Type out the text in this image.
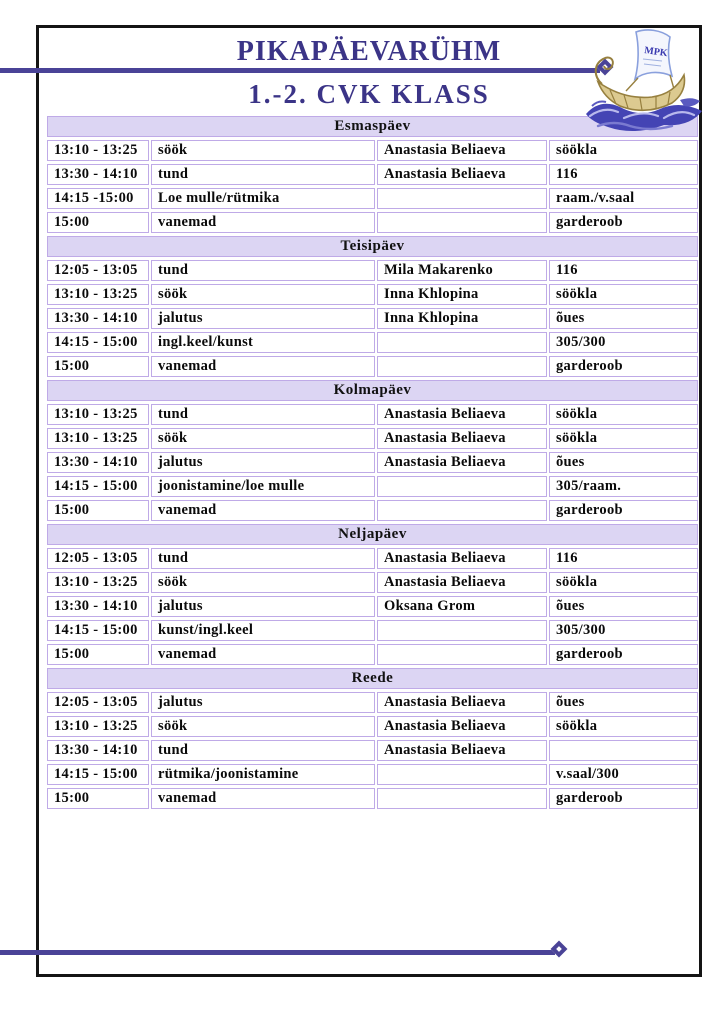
PIKAPÄEVARÜHM
1.-2. CVK KLASS
MPK
Esmaspäev			
13:10 - 13:25	söök	Anastasia Beliaeva	söökla
13:30 - 14:10	tund	Anastasia Beliaeva	116
14:15 -15:00	Loe mulle/rütmika		raam./v.saal
15:00	vanemad		garderoob
Teisipäev			
12:05 - 13:05	tund	Mila Makarenko	116
13:10 - 13:25	söök	Inna Khlopina	söökla
13:30 - 14:10	jalutus	Inna Khlopina	õues
14:15 - 15:00	ingl.keel/kunst		305/300
15:00	vanemad		garderoob
Kolmapäev			
13:10 - 13:25	tund	Anastasia Beliaeva	söökla
13:10 - 13:25	söök	Anastasia Beliaeva	söökla
13:30 - 14:10	jalutus	Anastasia Beliaeva	õues
14:15 - 15:00	joonistamine/loe mulle		305/raam.
15:00	vanemad		garderoob
Neljapäev			
12:05 - 13:05	tund	Anastasia Beliaeva	116
13:10 - 13:25	söök	Anastasia Beliaeva	söökla
13:30 - 14:10	jalutus	Oksana Grom	õues
14:15 - 15:00	kunst/ingl.keel		305/300
15:00	vanemad		garderoob
Reede			
12:05 - 13:05	jalutus	Anastasia Beliaeva	õues
13:10 - 13:25	söök	Anastasia Beliaeva	söökla
13:30 - 14:10	tund	Anastasia Beliaeva	
14:15 - 15:00	rütmika/joonistamine		v.saal/300
15:00	vanemad		garderoob
